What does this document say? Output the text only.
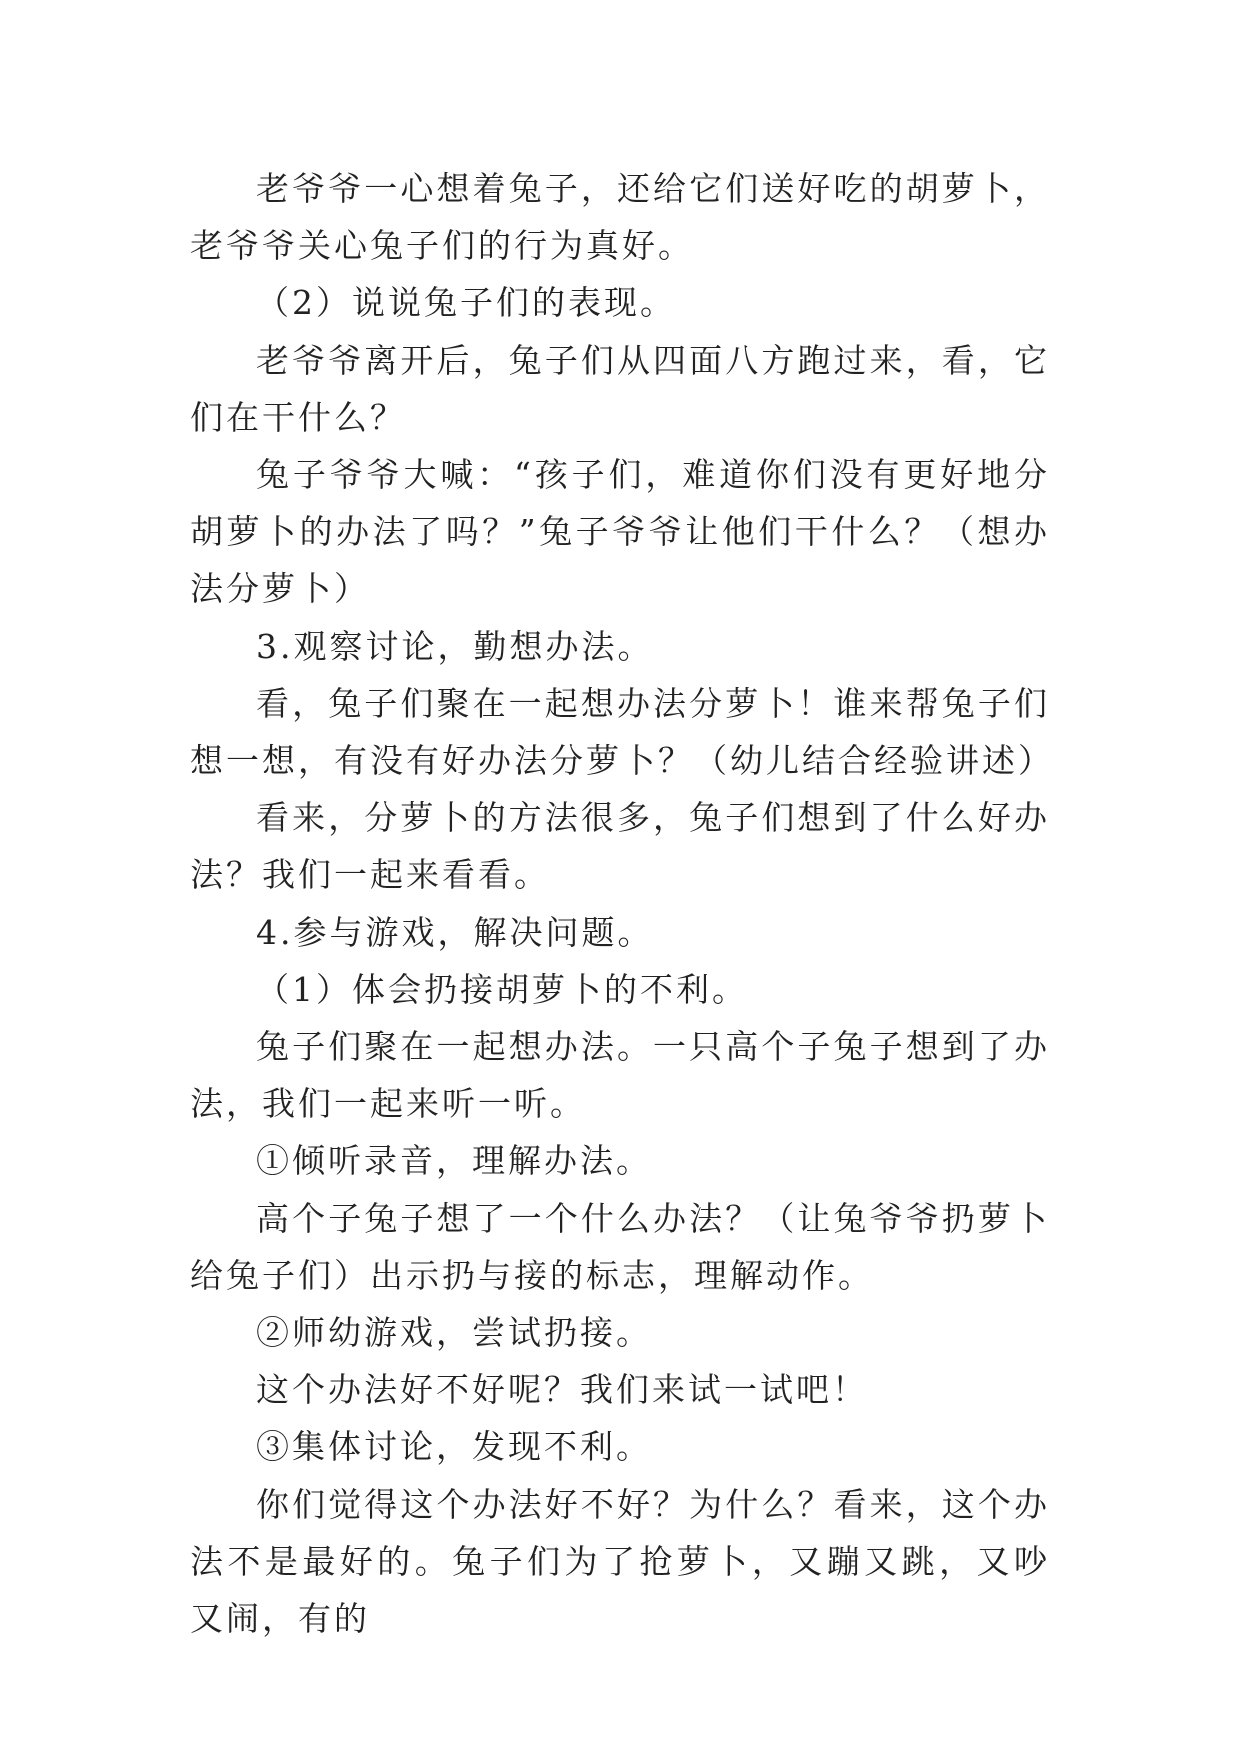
老爷爷一心想着兔子，还给它们送好吃的胡萝卜，老爷爷关心兔子们的行为真好。

（2）说说兔子们的表现。

老爷爷离开后，兔子们从四面八方跑过来，看，它们在干什么？

兔子爷爷大喊：“孩子们，难道你们没有更好地分胡萝卜的办法了吗？”兔子爷爷让他们干什么？（想办法分萝卜）

3.观察讨论，勤想办法。

看，兔子们聚在一起想办法分萝卜！谁来帮兔子们想一想，有没有好办法分萝卜？（幼儿结合经验讲述）

看来，分萝卜的方法很多，兔子们想到了什么好办法？我们一起来看看。

4.参与游戏，解决问题。

（1）体会扔接胡萝卜的不利。

兔子们聚在一起想办法。一只高个子兔子想到了办法，我们一起来听一听。

①倾听录音，理解办法。

高个子兔子想了一个什么办法？（让兔爷爷扔萝卜给兔子们）出示扔与接的标志，理解动作。

②师幼游戏，尝试扔接。

这个办法好不好呢？我们来试一试吧！

③集体讨论，发现不利。

你们觉得这个办法好不好？为什么？看来，这个办法不是最好的。兔子们为了抢萝卜，又蹦又跳，又吵又闹，有的
